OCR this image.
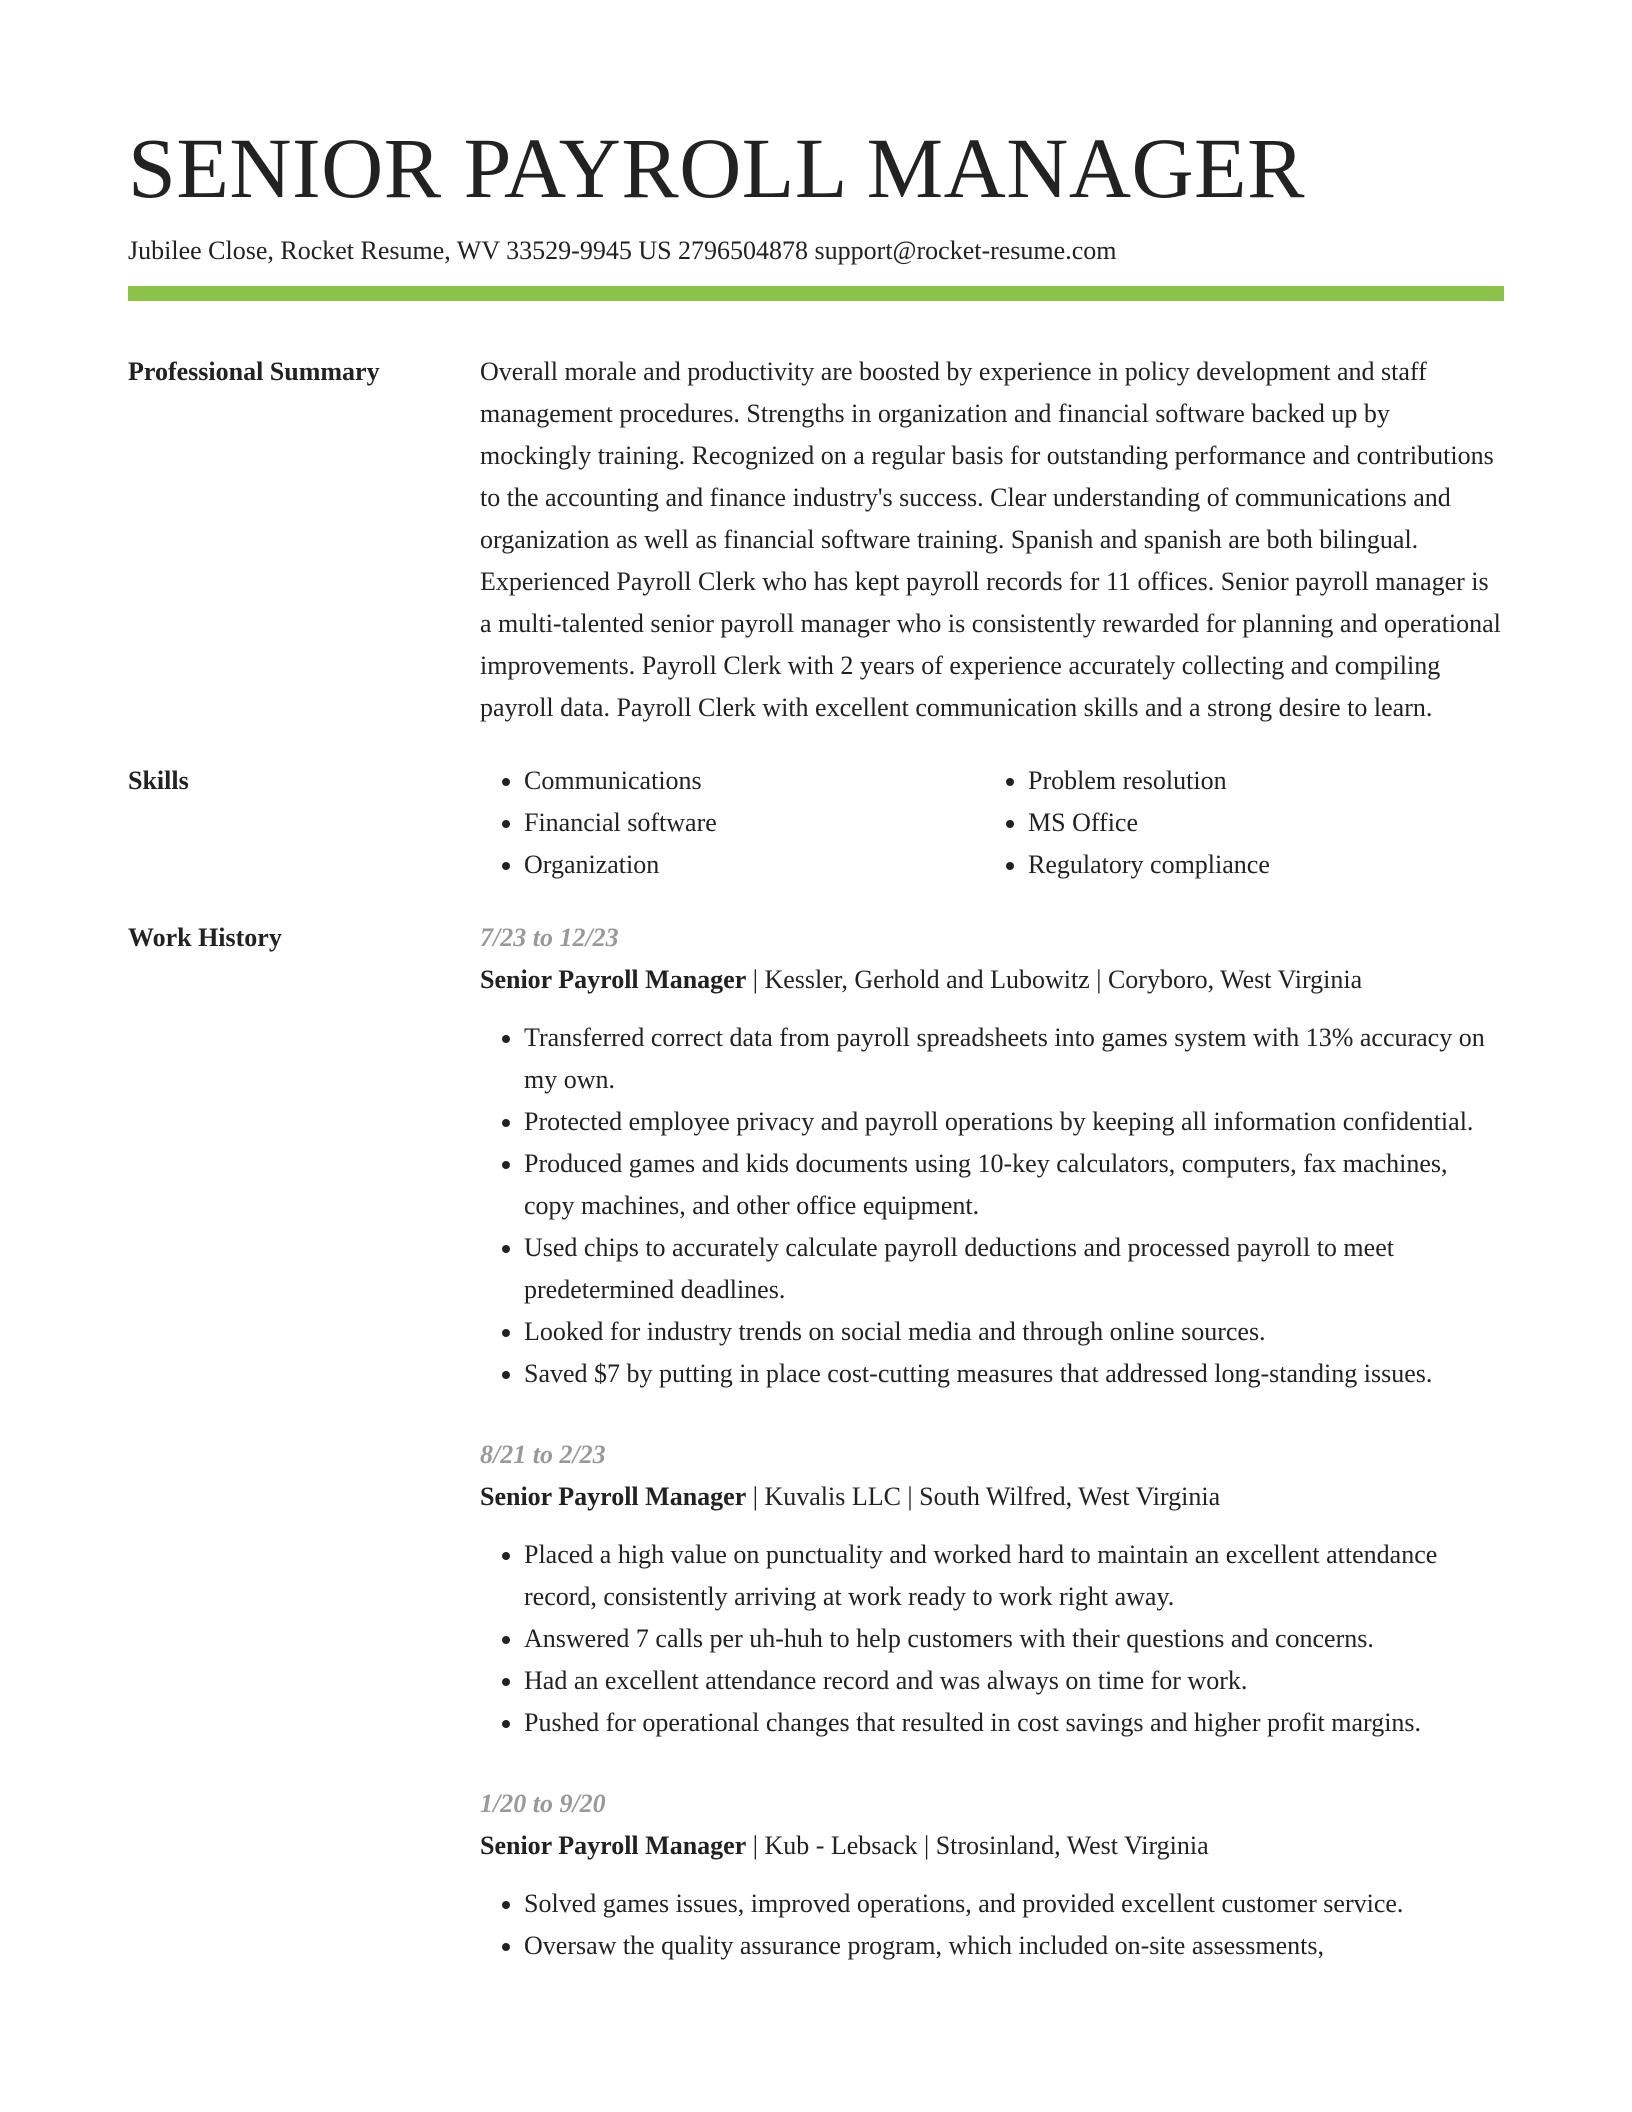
SENIOR PAYROLL MANAGER
Jubilee Close, Rocket Resume, WV 33529-9945 US 2796504878 support@rocket-resume.com
Professional Summary	Overall morale and productivity are boosted by experience in policy development and staff management procedures. Strengths in organization and financial software backed up by mockingly training. Recognized on a regular basis for outstanding performance and contributions to the accounting and finance industry's success. Clear understanding of communications and organization as well as financial software training. Spanish and spanish are both bilingual. Experienced Payroll Clerk who has kept payroll records for 11 offices. Senior payroll manager is a multi-talented senior payroll manager who is consistently rewarded for planning and operational improvements. Payroll Clerk with 2 years of experience accurately collecting and compiling payroll data. Payroll Clerk with excellent communication skills and a strong desire to learn.

Skills
•	Communications
• Financial software
• Organization
• Problem resolution
• MS Office
• Regulatory compliance
Work History	7/23 to 12/23
Senior Payroll Manager | Kessler, Gerhold and Lubowitz | Coryboro, West Virginia
• Transferred correct data from payroll spreadsheets into games system with 13% accuracy on my own.
• Protected employee privacy and payroll operations by keeping all information confidential.
• Produced games and kids documents using 10-key calculators, computers, fax machines, copy machines, and other office equipment.
• Used chips to accurately calculate payroll deductions and processed payroll to meet predetermined deadlines.
• Looked for industry trends on social media and through online sources.
• Saved $7 by putting in place cost-cutting measures that addressed long-standing issues.
8/21 to 2/23
Senior Payroll Manager | Kuvalis LLC | South Wilfred, West Virginia
• Placed a high value on punctuality and worked hard to maintain an excellent attendance record, consistently arriving at work ready to work right away.
• Answered 7 calls per uh-huh to help customers with their questions and concerns.
• Had an excellent attendance record and was always on time for work.
• Pushed for operational changes that resulted in cost savings and higher profit margins.
1/20 to 9/20
Senior Payroll Manager | Kub - Lebsack | Strosinland, West Virginia
• Solved games issues, improved operations, and provided excellent customer service.
• Oversaw the quality assurance program, which included on-site assessments,
